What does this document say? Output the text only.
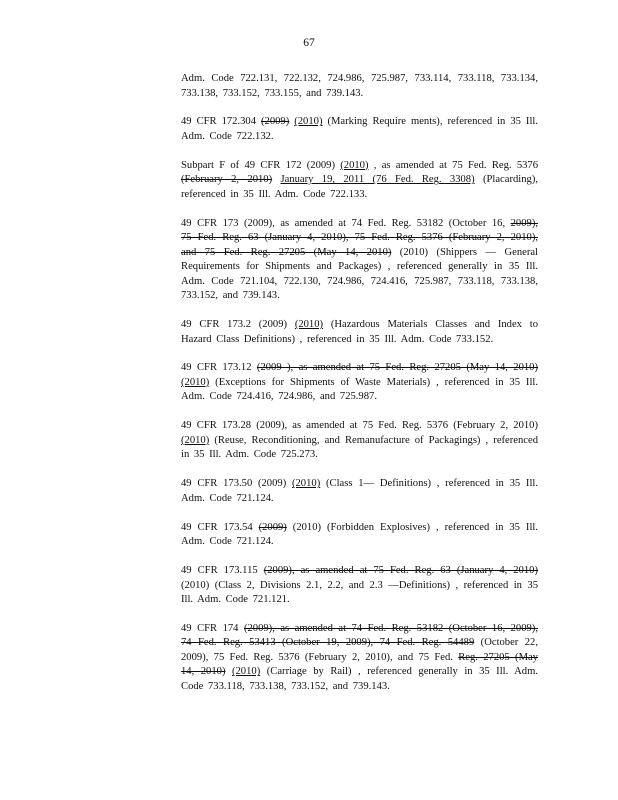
67

Adm. Code 722.131, 722.132, 724.986, 725.987, 733.114, 733.118, 733.134, 733.138, 733.152, 733.155, and 739.143.

49 CFR 172.304 (2009) (2010) (Marking Require ments), referenced in 35 Ill. Adm. Code 722.132.

Subpart F of 49 CFR 172 (2009) (2010) , as amended at 75 Fed. Reg. 5376 (February 2, 2010) January 19, 2011 (76 Fed. Reg. 3308) (Placarding), referenced in 35 Ill. Adm. Code 722.133.

49 CFR 173 (2009), as amended at 74 Fed. Reg. 53182 (October 16, 2009), 75 Fed. Reg. 63 (January 4, 2010), 75 Fed. Reg. 5376 (February 2, 2010), and 75 Fed. Reg. 27205 (May 14, 2010) (2010) (Shippers — General Requirements for Shipments and Packages) , referenced generally in 35 Ill. Adm. Code 721.104, 722.130, 724.986, 724.416, 725.987, 733.118, 733.138, 733.152, and 739.143.

49 CFR 173.2 (2009) (2010) (Hazardous Materials Classes and Index to Hazard Class Definitions) , referenced in 35 Ill. Adm. Code 733.152.

49 CFR 173.12 (2009 ), as amended at 75 Fed. Reg. 27205 (May 14, 2010) (2010) (Exceptions for Shipments of Waste Materials) , referenced in 35 Ill. Adm. Code 724.416, 724.986, and 725.987.

49 CFR 173.28 (2009), as amended at 75 Fed. Reg. 5376 (February 2, 2010) (2010) (Reuse, Reconditioning, and Remanufacture of Packagings) , referenced in 35 Ill. Adm. Code 725.273.

49 CFR 173.50 (2009) (2010) (Class 1— Definitions) , referenced in 35 Ill. Adm. Code 721.124.

49 CFR 173.54 (2009) (2010) (Forbidden Explosives) , referenced in 35 Ill. Adm. Code 721.124.

49 CFR 173.115 (2009), as amended at 75 Fed. Reg. 63 (January 4, 2010) (2010) (Class 2, Divisions 2.1, 2.2, and 2.3 —Definitions) , referenced in 35 Ill. Adm. Code 721.121.

49 CFR 174 (2009), as amended at 74 Fed. Reg. 53182 (October 16, 2009), 74 Fed. Reg. 53413 (October 19, 2009), 74 Fed. Reg. 54489 (October 22, 2009), 75 Fed. Reg. 5376 (February 2, 2010), and 75 Fed. Reg. 27205 (May 14, 2010) (2010) (Carriage by Rail) , referenced generally in 35 Ill. Adm. Code 733.118, 733.138, 733.152, and 739.143.
